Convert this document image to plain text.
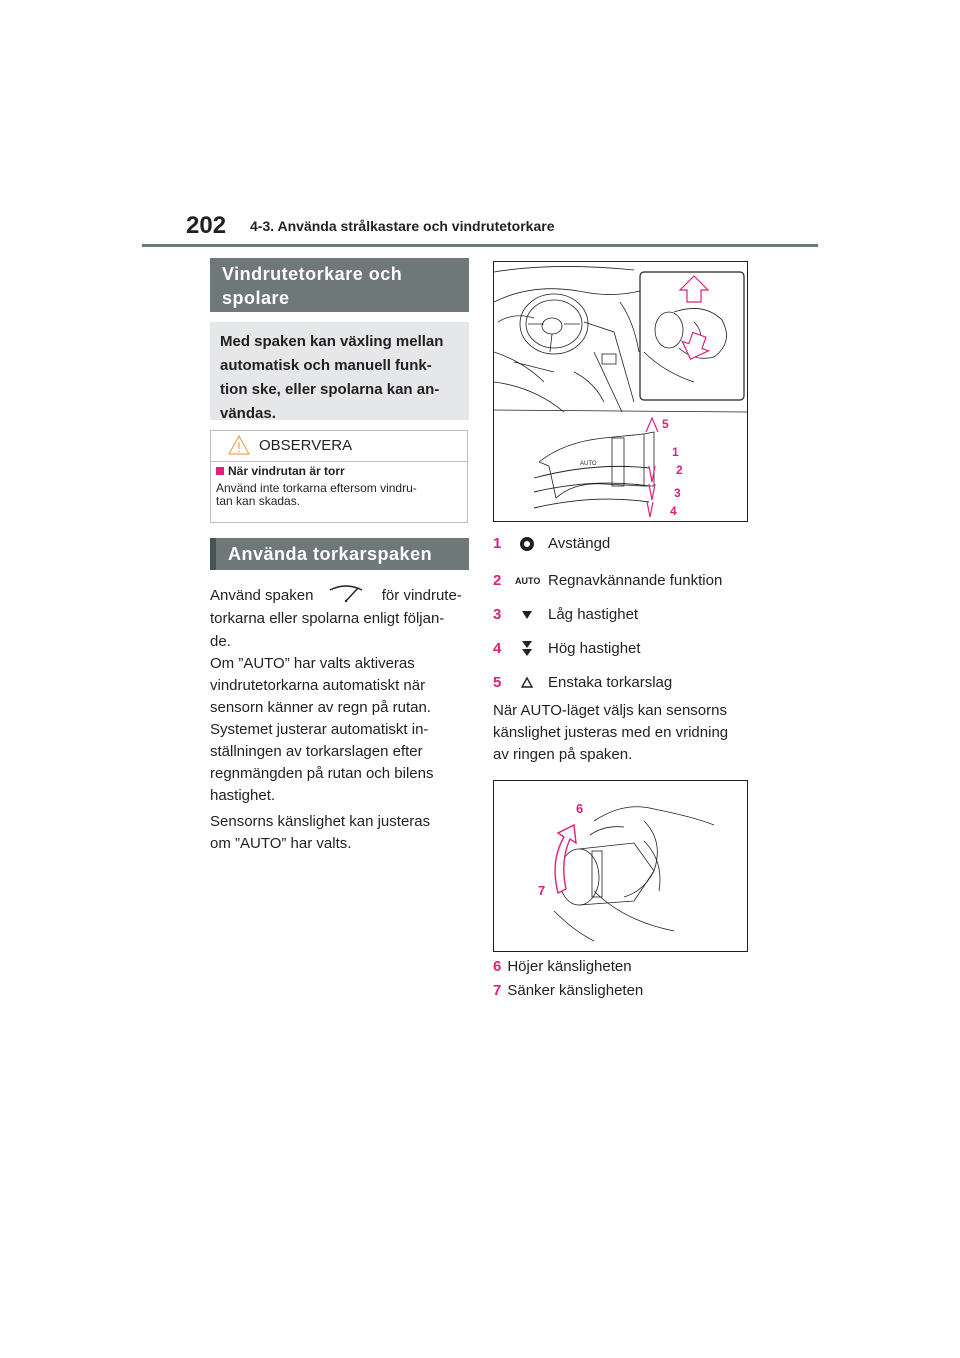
202 4-3. Använda strålkastare och vindrutetorkare
Vindrutetorkare och
spolare
Med spaken kan växling mellan
automatisk och manuell funk-
tion ske, eller spolarna kan an-
vändas.
OBSERVERA
När vindrutan är torr
Använd inte torkarna eftersom vindru-
tan kan skadas.
Använda torkarspaken
Använd spaken	för vindrute-
torkarna eller spolarna enligt följan-
de.
Om ”AUTO” har valts aktiveras
vindrutetorkarna automatiskt när
sensorn känner av regn på rutan.
Systemet justerar automatiskt in-
ställningen av torkarslagen efter
regnmängden på rutan och bilens
hastighet.
Sensorns känslighet kan justeras
om ”AUTO” har valts.
AUTO
5
1
2
3
4
1	Avstängd
2 AUTO Regnavkännande funktion
3	Låg hastighet
4	Hög hastighet
5	Enstaka torkarslag
När AUTO-läget väljs kan sensorns
känslighet justeras med en vridning
av ringen på spaken.
6
7
6 Höjer känsligheten
7 Sänker känsligheten
